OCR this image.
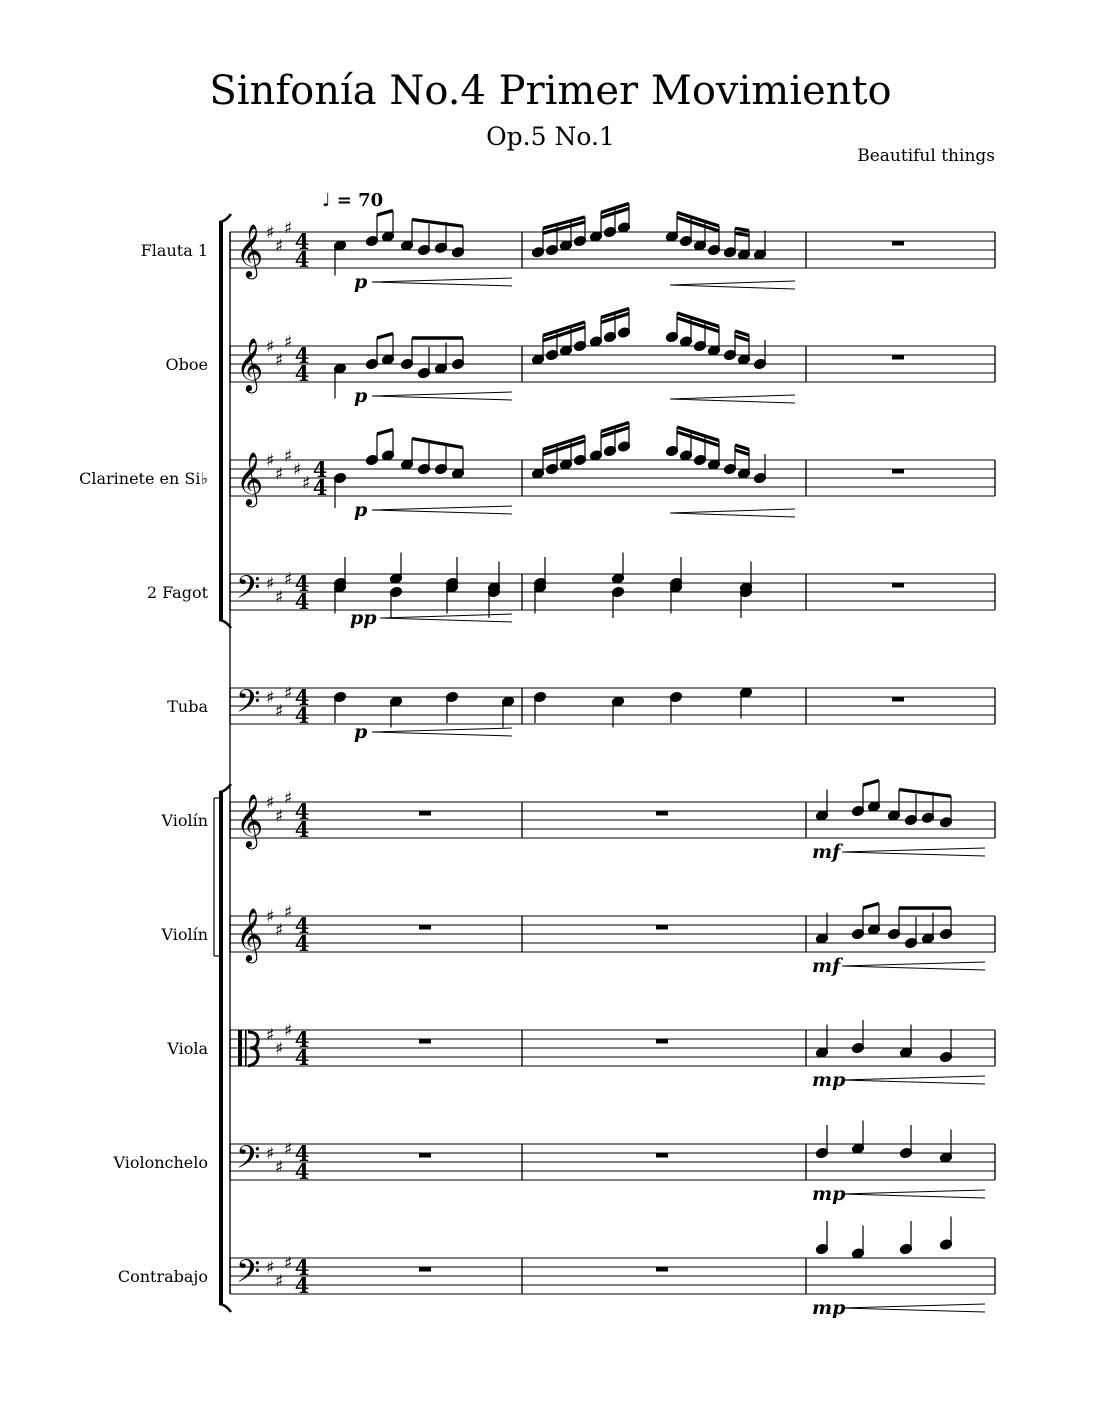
Flauta 1 𝄞 ♯
♯
♯
4
4
Oboe 𝄞 ♯
♯
♯
4
4
Clarinete en Si♭ 𝄞 ♯
♯
♯
♯
♯
4
4
2 Fagot 𝄢 ♯
♯
♯ 4
4
Tuba 𝄢 ♯
♯
♯ 4
4
Violín 𝄞 ♯
♯
♯
4
4
Violín 𝄞 ♯
♯
♯
4
4
Viola
♯
♯
♯ 4
4
Violonchelo 𝄢 ♯
♯
♯ 4
4
Contrabajo 𝄢 ♯
♯
♯ 4
4
p
p
p
pp
p
mf
mf
mp
mp
mp
Sinfonía No.4 Primer Movimiento
Op.5 No.1
Beautiful things
♩ = 70
